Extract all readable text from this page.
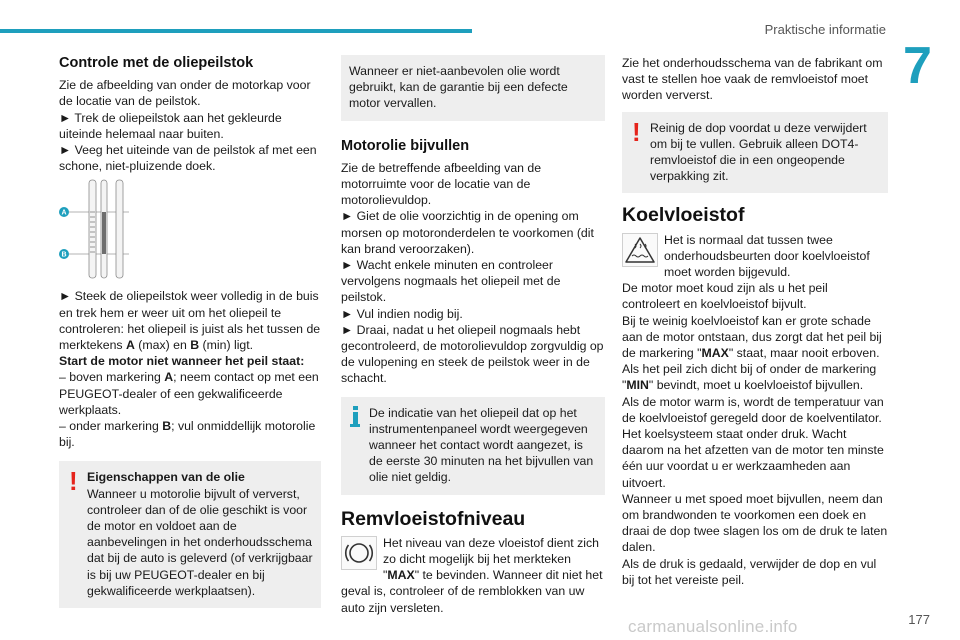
Praktische informatie
7
Controle met de oliepeilstok

Zie de afbeelding van onder de motorkap voor de locatie van de peilstok.

► Trek de oliepeilstok aan het gekleurde uiteinde helemaal naar buiten.

► Veeg het uiteinde van de peilstok af met een schone, niet-pluizende doek.

A
B

► Steek de oliepeilstok weer volledig in de buis en trek hem er weer uit om het oliepeil te controleren: het oliepeil is juist als het tussen de merktekens A (max) en B (min) ligt.

Start de motor niet wanneer het peil staat:

– boven markering A; neem contact op met een PEUGEOT-dealer of een gekwalificeerde werkplaats.

– onder markering B; vul onmiddellijk motorolie bij.

! Eigenschappen van de olie

Wanneer u motorolie bijvult of ververst, controleer dan of de olie geschikt is voor de motor en voldoet aan de aanbevelingen in het onderhoudsschema dat bij de auto is geleverd (of verkrijgbaar is bij uw PEUGEOT-dealer en bij gekwalificeerde werkplaatsen).

Wanneer er niet-aanbevolen olie wordt gebruikt, kan de garantie bij een defecte motor vervallen.

Motorolie bijvullen

Zie de betreffende afbeelding van de motorruimte voor de locatie van de motorolievuldop.

► Giet de olie voorzichtig in de opening om morsen op motoronderdelen te voorkomen (dit kan brand veroorzaken).

► Wacht enkele minuten en controleer vervolgens nogmaals het oliepeil met de peilstok.

► Vul indien nodig bij.

► Draai, nadat u het oliepeil nogmaals hebt gecontroleerd, de motorolievuldop zorgvuldig op de vulopening en steek de peilstok weer in de schacht.

De indicatie van het oliepeil dat op het instrumentenpaneel wordt weergegeven wanneer het contact wordt aangezet, is de eerste 30 minuten na het bijvullen van olie niet geldig.

Remvloeistofniveau

Het niveau van deze vloeistof dient zich zo dicht mogelijk bij het merkteken "MAX" te bevinden. Wanneer dit niet het geval is, controleer of de remblokken van uw auto zijn versleten.

Zie het onderhoudsschema van de fabrikant om vast te stellen hoe vaak de remvloeistof moet worden ververst.

! Reinig de dop voordat u deze verwijdert om bij te vullen. Gebruik alleen DOT4-remvloeistof die in een ongeopende verpakking zit.

Koelvloeistof

Het is normaal dat tussen twee onderhoudsbeurten door koelvloeistof moet worden bijgevuld.

De motor moet koud zijn als u het peil controleert en koelvloeistof bijvult.

Bij te weinig koelvloeistof kan er grote schade aan de motor ontstaan, dus zorgt dat het peil bij de markering "MAX" staat, maar nooit erboven.

Als het peil zich dicht bij of onder de markering "MIN" bevindt, moet u koelvloeistof bijvullen.

Als de motor warm is, wordt de temperatuur van de koelvloeistof geregeld door de koelventilator. Het koelsysteem staat onder druk. Wacht daarom na het afzetten van de motor ten minste één uur voordat u er werkzaamheden aan uitvoert.

Wanneer u met spoed moet bijvullen, neem dan om brandwonden te voorkomen een doek en draai de dop twee slagen los om de druk te laten dalen.

Als de druk is gedaald, verwijder de dop en vul bij tot het vereiste peil.

carmanualsonline.info	177
